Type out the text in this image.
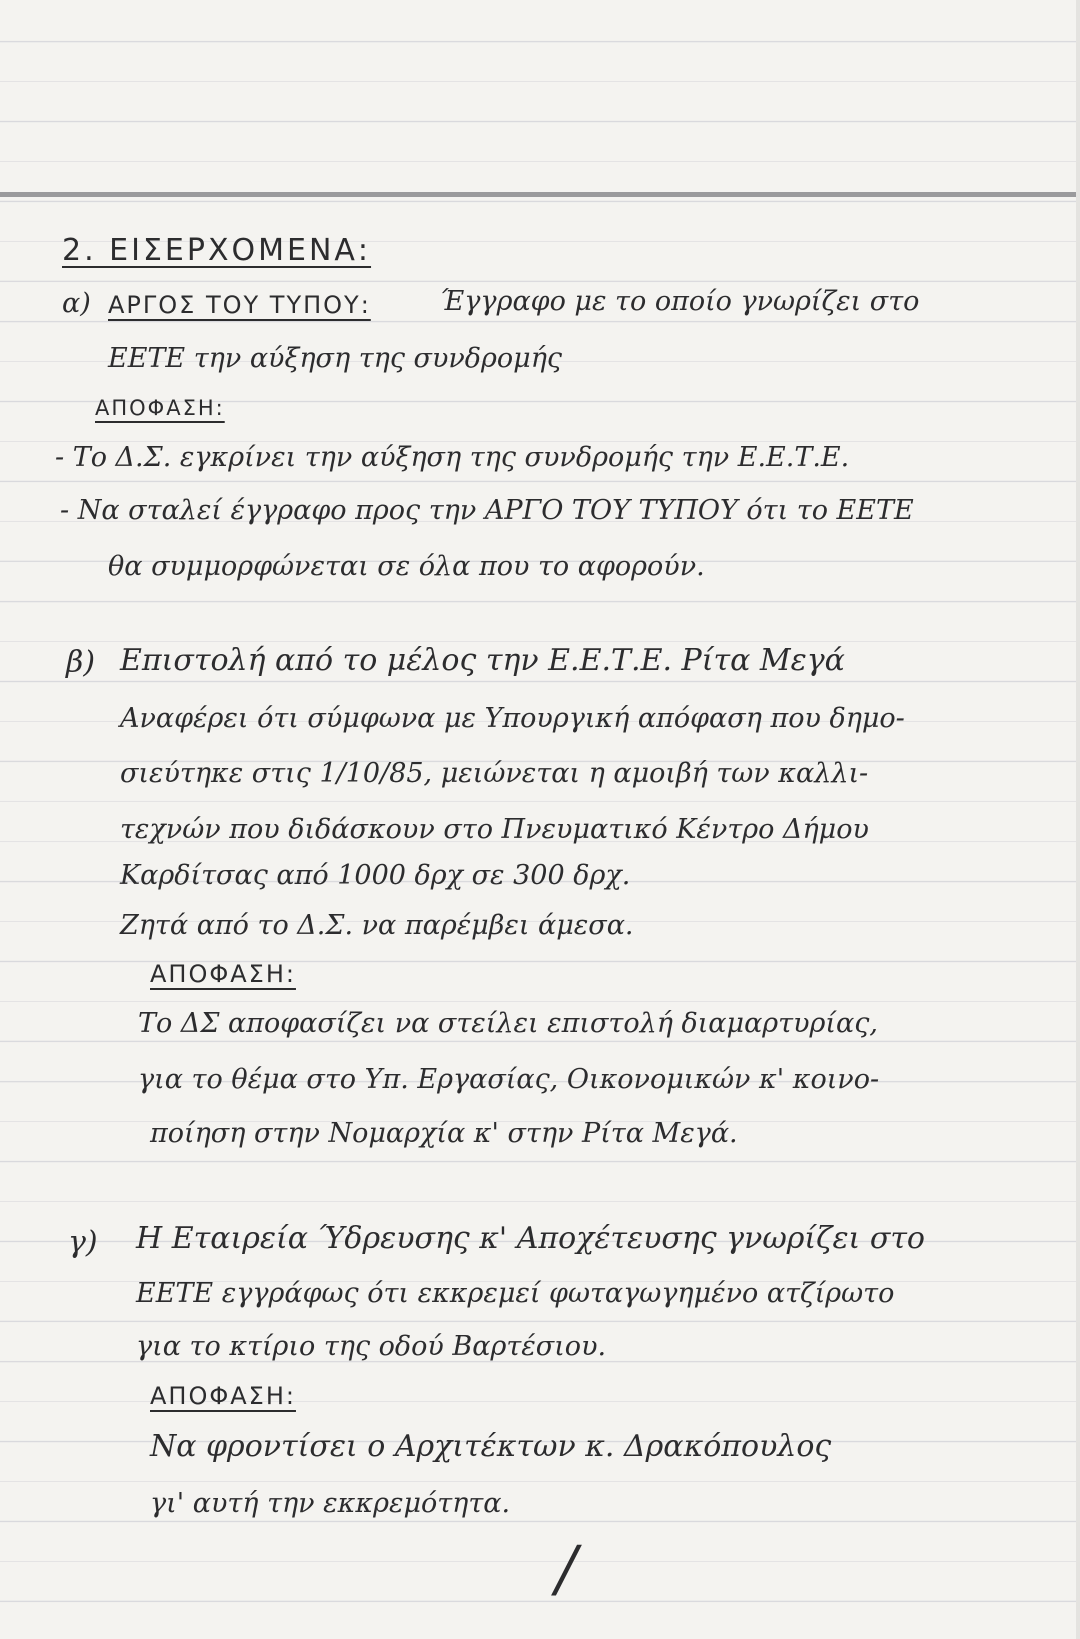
2. ΕΙΣΕΡΧΟΜΕΝΑ:

α) ΑΡΓΟΣ ΤΟΥ ΤΥΠΟΥ:	Έγγραφο με το οποίο γνωρίζει στο

ΕΕΤΕ την αύξηση της συνδρομής

ΑΠΟΦΑΣΗ:

- Το Δ.Σ. εγκρίνει την αύξηση της συνδρομής την Ε.Ε.Τ.Ε.

- Να σταλεί έγγραφο προς την ΑΡΓΟ ΤΟΥ ΤΥΠΟΥ ότι το ΕΕΤΕ

θα συμμορφώνεται σε όλα που το αφορούν.

β) Επιστολή από το μέλος την Ε.Ε.Τ.Ε. Ρίτα Μεγά

Αναφέρει ότι σύμφωνα με Υπουργική απόφαση που δημο-

σιεύτηκε στις 1/10/85, μειώνεται η αμοιβή των καλλι-

τεχνών που διδάσκουν στο Πνευματικό Κέντρο Δήμου

Καρδίτσας από 1000 δρχ σε 300 δρχ.

Ζητά από το Δ.Σ. να παρέμβει άμεσα.

ΑΠΟΦΑΣΗ:

Το ΔΣ αποφασίζει να στείλει επιστολή διαμαρτυρίας,

για το θέμα στο Υπ. Εργασίας, Οικονομικών κ' κοινο-

ποίηση στην Νομαρχία κ' στην Ρίτα Μεγά.

γ) Η Εταιρεία Ύδρευσης κ' Αποχέτευσης γνωρίζει στο

ΕΕΤΕ εγγράφως ότι εκκρεμεί φωταγωγημένο ατζίρωτο

για το κτίριο της οδού Βαρτέσιου.

ΑΠΟΦΑΣΗ:

Να φροντίσει ο Αρχιτέκτων κ. Δρακόπουλος

γι' αυτή την εκκρεμότητα.

/
